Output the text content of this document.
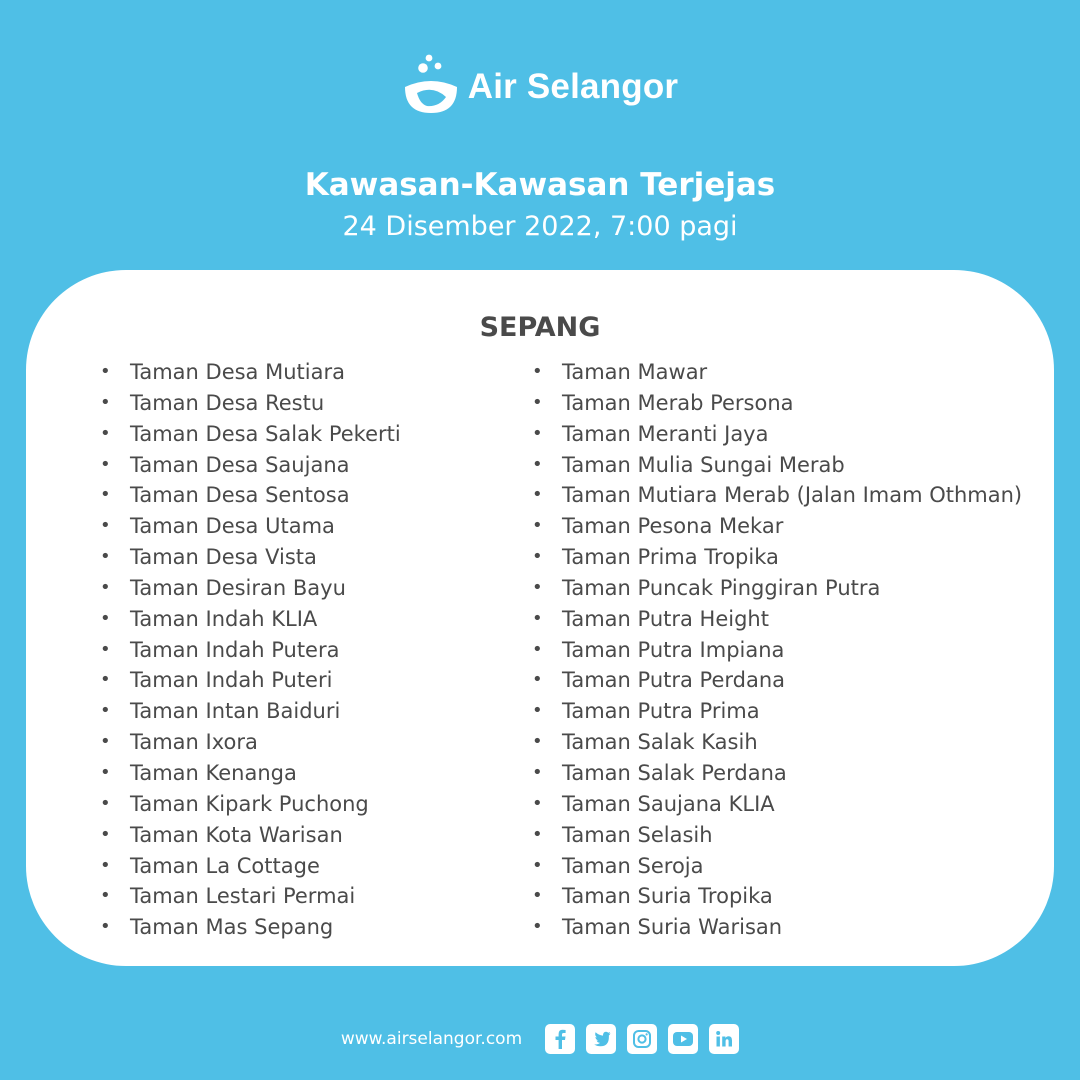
Air Selangor
Kawasan-Kawasan Terjejas
24 Disember 2022, 7:00 pagi
SEPANG
• Taman Desa Mutiara
• Taman Desa Restu
• Taman Desa Salak Pekerti
• Taman Desa Saujana
• Taman Desa Sentosa
• Taman Desa Utama
• Taman Desa Vista
• Taman Desiran Bayu
• Taman Indah KLIA
• Taman Indah Putera
• Taman Indah Puteri
• Taman Intan Baiduri
• Taman Ixora
• Taman Kenanga
• Taman Kipark Puchong
• Taman Kota Warisan
• Taman La Cottage
• Taman Lestari Permai
• Taman Mas Sepang
• Taman Mawar
• Taman Merab Persona
• Taman Meranti Jaya
• Taman Mulia Sungai Merab
• Taman Mutiara Merab (Jalan Imam Othman)
• Taman Pesona Mekar
• Taman Prima Tropika
• Taman Puncak Pinggiran Putra
• Taman Putra Height
• Taman Putra Impiana
• Taman Putra Perdana
• Taman Putra Prima
• Taman Salak Kasih
• Taman Salak Perdana
• Taman Saujana KLIA
• Taman Selasih
• Taman Seroja
• Taman Suria Tropika
• Taman Suria Warisan
www.airselangor.com
